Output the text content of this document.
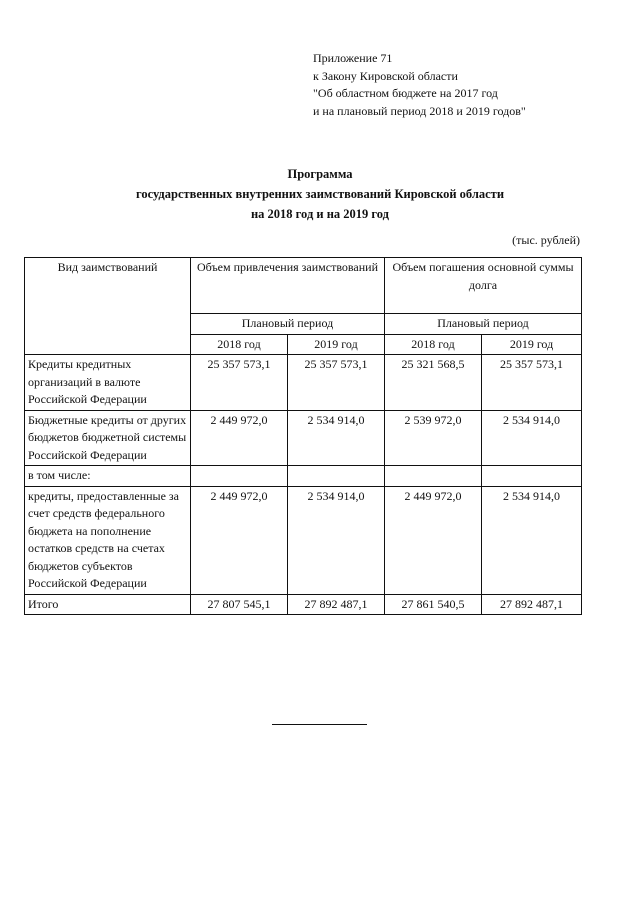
Приложение 71
к Закону Кировской области
"Об областном бюджете на 2017 год
и на плановый период 2018 и 2019 годов"
Программа
государственных внутренних заимствований Кировской области
на 2018 год и на 2019 год
(тыс. рублей)
Вид заимствований	Объем привлечения заимствований		Объем погашения основной суммы долга	
	Плановый период		Плановый период	
	2018 год	2019 год	2018 год	2019 год
Кредиты кредитных организаций в валюте Российской Федерации	25 357 573,1	25 357 573,1	25 321 568,5	25 357 573,1
Бюджетные кредиты от других бюджетов бюджетной системы Российской Федерации	2 449 972,0	2 534 914,0	2 539 972,0	2 534 914,0
в том числе:				
кредиты, предоставленные за счет средств федерального бюджета на пополнение остатков средств на счетах бюджетов субъектов Российской Федерации	2 449 972,0	2 534 914,0	2 449 972,0	2 534 914,0
Итого	27 807 545,1	27 892 487,1	27 861 540,5	27 892 487,1
